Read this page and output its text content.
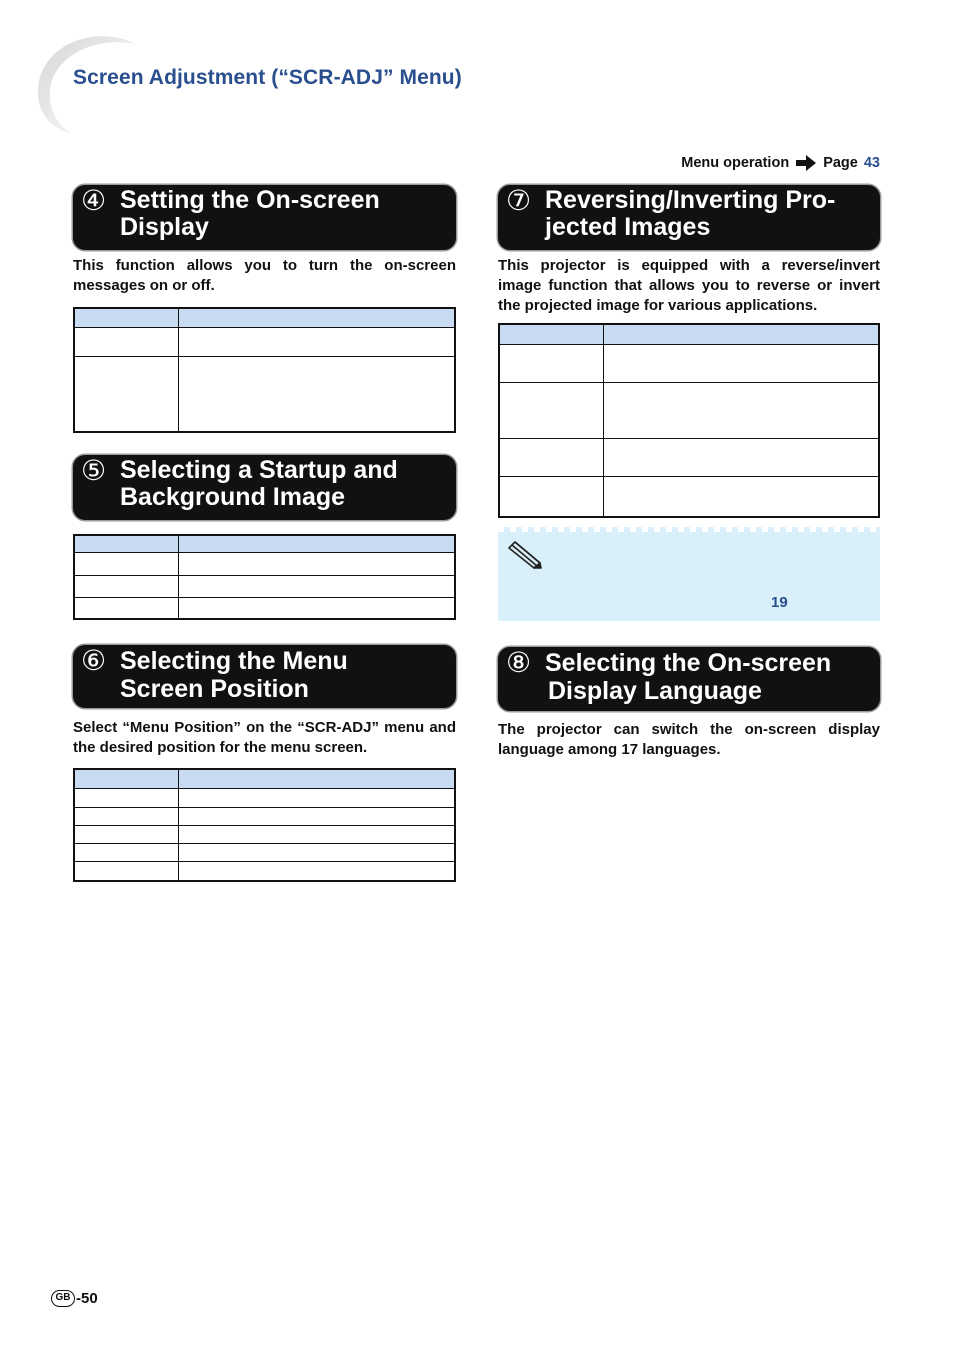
Screen Adjustment (“SCR-ADJ” Menu)
Menu operation Page 43
④ Setting the On-screen
Display

This function allows you to turn the on-screen messages on or off.

⑤ Selecting a Startup and
Background Image
⑥ Selecting the Menu
Screen Position

Select “Menu Position” on the “SCR-ADJ” menu and the desired position for the menu screen.

⑦ Reversing/Inverting Pro-
jected Images

This projector is equipped with a reverse/invert image function that allows you to reverse or invert the projected image for various applications.

19
⑧ Selecting the On-screen
Display Language

The projector can switch the on-screen display language among 17 languages.

GB -50
